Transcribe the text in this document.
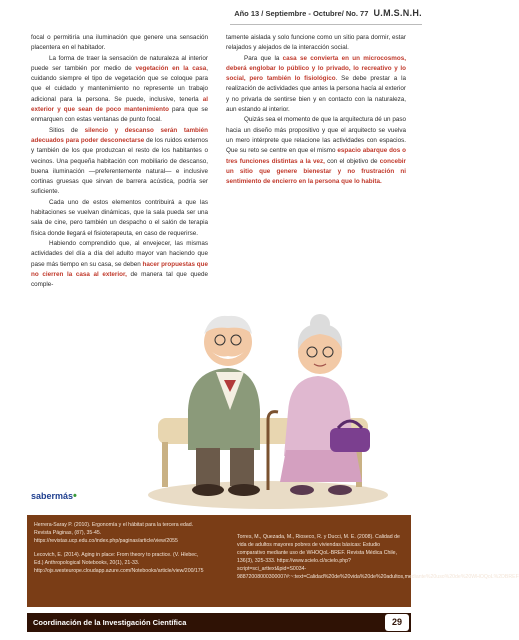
Año 13 / Septiembre - Octubre/ No. 77 U.M.S.N.H.

focal o permitiría una iluminación que genere una sensación placentera en el habitador.

La forma de traer la sensación de naturaleza al interior puede ser también por medio de vegetación en la casa, cuidando siempre el tipo de vegetación que se coloque para que el cuidado y mantenimiento no represente un trabajo adicional para la persona. Se puede, inclusive, tenerla al exterior y que sean de poco mantenimiento para que se enmarquen con estas ventanas de punto focal.

Sitios de silencio y descanso serán también adecuados para poder desconectarse de los ruidos externos y también de los que produzcan el resto de los habitantes o vecinos. Una pequeña habitación con mobiliario de descanso, buena iluminación —preferentemente natural— e inclusive cortinas gruesas que sirvan de barrera acústica, podría ser suficiente.

Cada uno de estos elementos contribuirá a que las habitaciones se vuelvan dinámicas, que la sala pueda ser una sala de cine, pero también un despacho o el salón de terapia física donde llegará el fisioterapeuta, en caso de requerirse.

Habiendo comprendido que, al envejecer, las mismas actividades del día a día del adulto mayor van haciendo que pase más tiempo en su casa, se deben hacer propuestas que no cierren la casa al exterior, de manera tal que quede comple-

tamente aislada y solo funcione como un sitio para dormir, estar relajados y alejados de la interacción social.

Para que la casa se convierta en un microcosmos, deberá englobar lo público y lo privado, lo recreativo y lo social, pero también lo fisiológico. Se debe prestar a la realización de actividades que antes la persona hacía al exterior y no privarla de sentirse bien y en contacto con la naturaleza, aun estando al interior.

Quizás sea el momento de que la arquitectura dé un paso hacia un diseño más propositivo y que el arquitecto se vuelva un mero intérprete que relacione las actividades con espacios. Que su reto se centre en que el mismo espacio abarque dos o tres funciones distintas a la vez, con el objetivo de concebir un sitio que genere bienestar y no frustración ni sentimiento de encierro en la persona que lo habita.

sabermás•

Herrera-Saray P. (2010). Ergonomía y el hábitat para la tercera edad. Revista Páginas, (87), 35-45. https://revistas.ucp.edu.co/index.php/paginas/article/view/2055

Lecovich, E. (2014). Aging in place: From theory to practice. (V. Hlebec, Ed.) Anthropological Notebooks, 20(1), 21-33. http://ojs.westeurope.cloudapp.azure.com/Notebooks/article/view/200/175

Torres, M., Quezada, M., Rioseco, R. y Ducci, M. E. (2008). Calidad de vida de adultos mayores pobres de viviendas básicas: Estudio comparativo mediante uso de WHOQoL-BREF. Revista Médica Chile, 136(3), 325-333. https://www.scielo.cl/scielo.php?script=sci_arttext&pid=S0034-98872008000300007#:~:text=Calidad%20de%20vida%20de%20adultos,mediante%20uso%20de%20WHOQoL%2DBREF

Coordinación de la Investigación Científica	29
